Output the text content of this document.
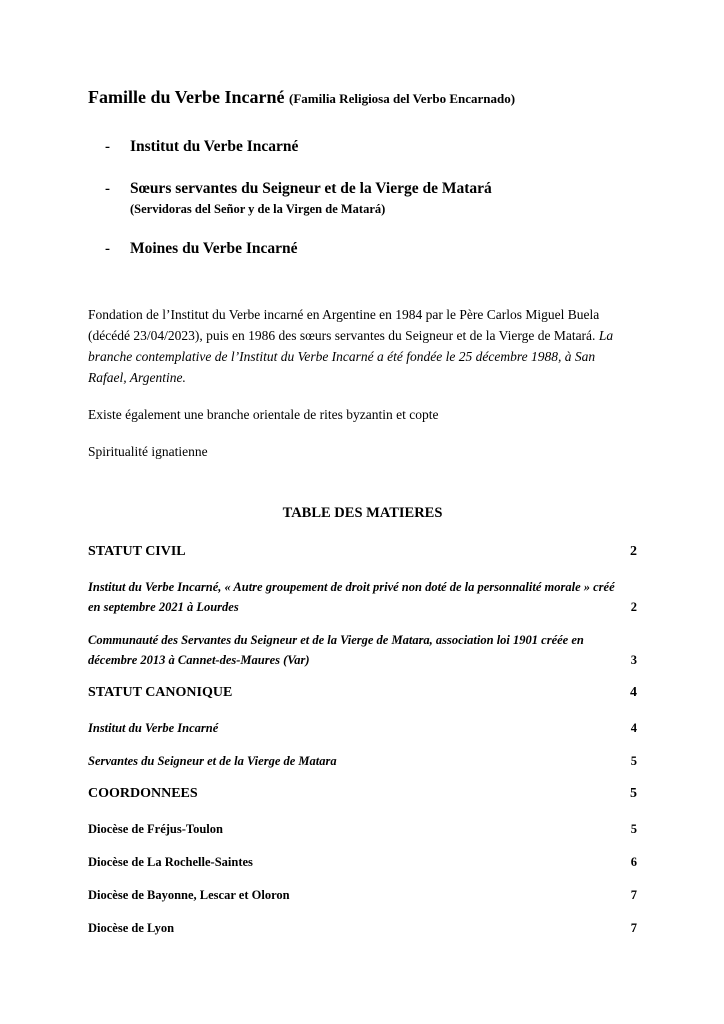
Famille du Verbe Incarné (Familia Religiosa del Verbo Encarnado)
-	Institut du Verbe Incarné
-	Sœurs servantes du Seigneur et de la Vierge de Matará
(Servidoras del Señor y de la Virgen de Matará)
-	Moines du Verbe Incarné

Fondation de l’Institut du Verbe incarné en Argentine en 1984 par le Père Carlos Miguel Buela (décédé 23/04/2023), puis en 1986 des sœurs servantes du Seigneur et de la Vierge de Matará. La branche contemplative de l’Institut du Verbe Incarné a été fondée le 25 décembre 1988, à San Rafael, Argentine.

Existe également une branche orientale de rites byzantin et copte

Spiritualité ignatienne

TABLE DES MATIERES
STATUT CIVIL	2
Institut du Verbe Incarné, « Autre groupement de droit privé non doté de la personnalité morale » créé en septembre 2021 à Lourdes	2
Communauté des Servantes du Seigneur et de la Vierge de Matara, association loi 1901 créée en décembre 2013 à Cannet-des-Maures (Var)	3
STATUT CANONIQUE	4
Institut du Verbe Incarné	4
Servantes du Seigneur et de la Vierge de Matara	5
COORDONNEES	5
Diocèse de Fréjus-Toulon	5
Diocèse de La Rochelle-Saintes	6
Diocèse de Bayonne, Lescar et Oloron	7
Diocèse de Lyon	7
